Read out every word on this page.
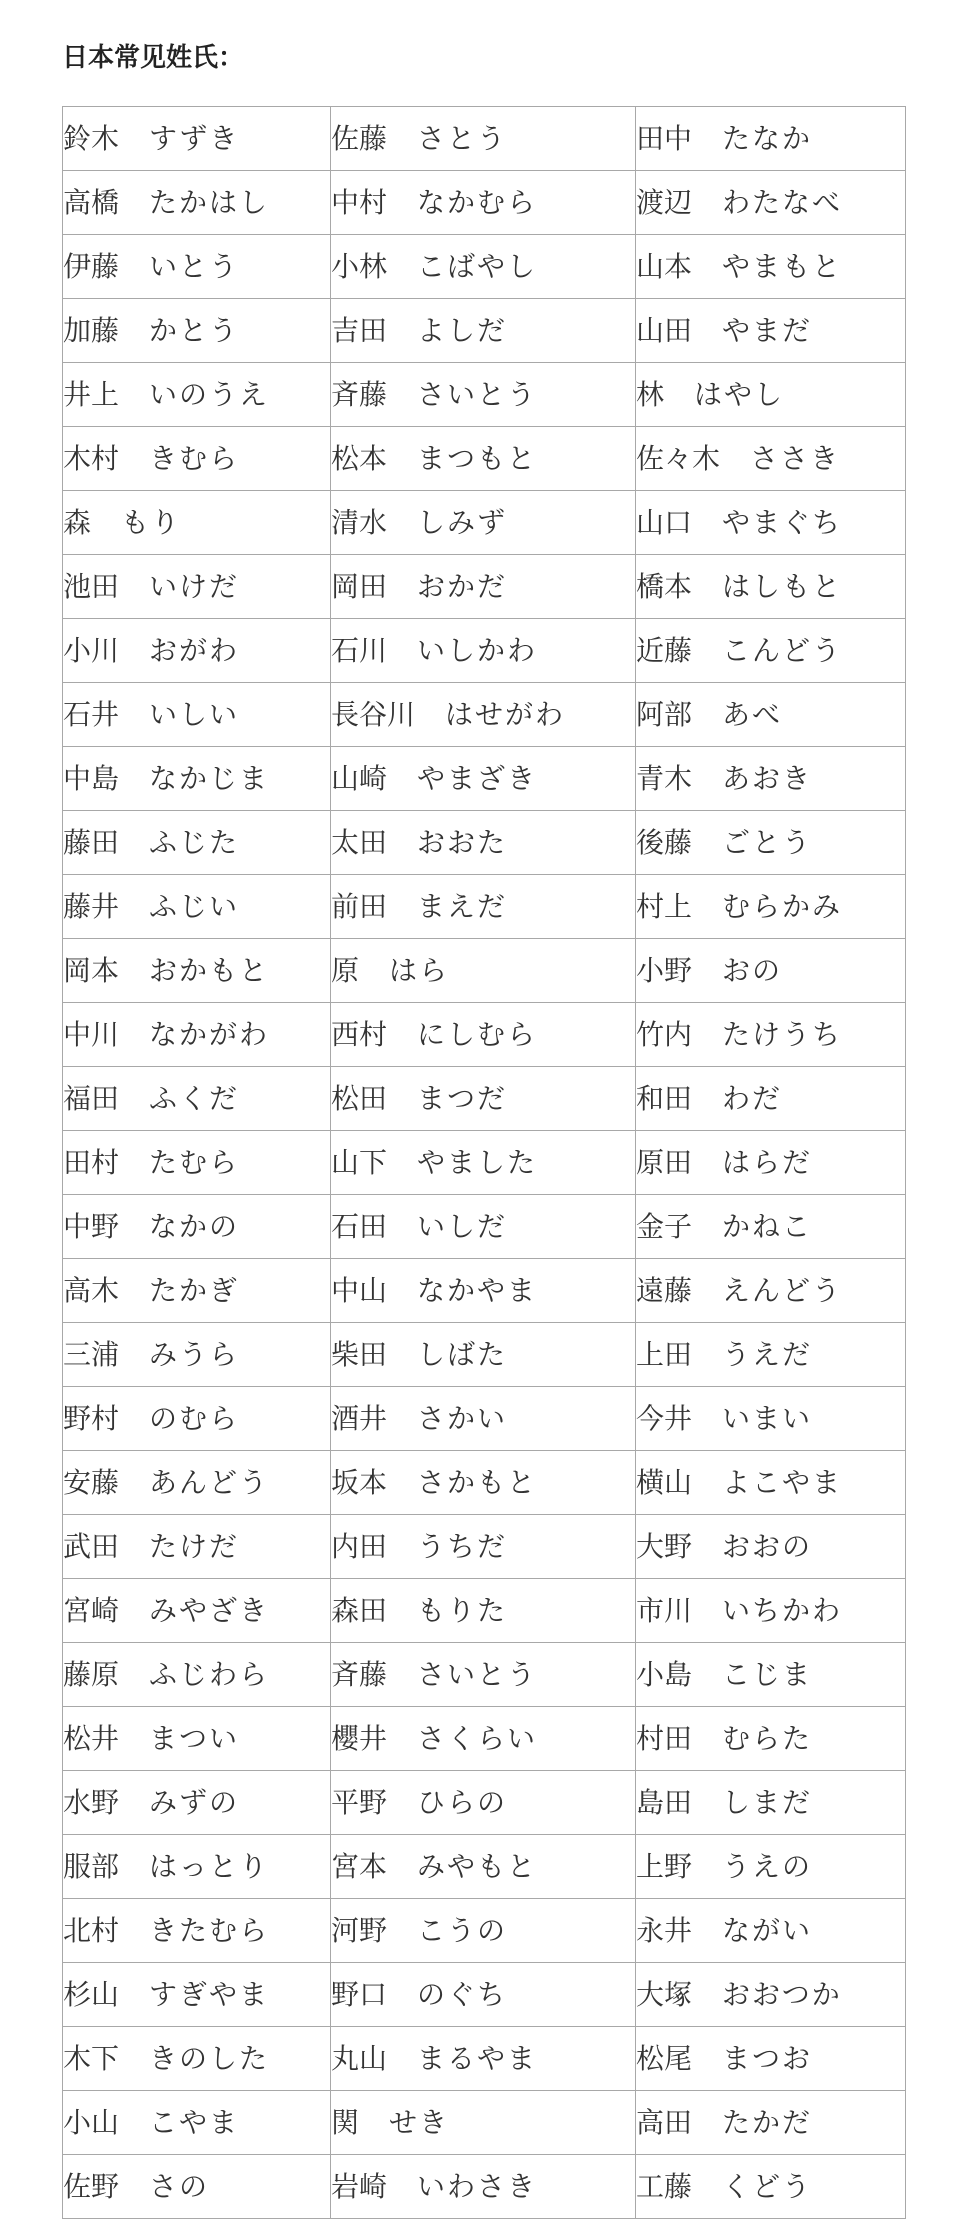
日本常见姓氏：
鈴木 すずき	佐藤 さとう	田中 たなか
高橋 たかはし	中村 なかむら	渡辺 わたなべ
伊藤 いとう	小林 こばやし	山本 やまもと
加藤 かとう	吉田 よしだ	山田 やまだ
井上 いのうえ	斉藤 さいとう	林 はやし
木村 きむら	松本 まつもと	佐々木 ささき
森 もり	清水 しみず	山口 やまぐち
池田 いけだ	岡田 おかだ	橋本 はしもと
小川 おがわ	石川 いしかわ	近藤 こんどう
石井 いしい	長谷川 はせがわ	阿部 あべ
中島 なかじま	山崎 やまざき	青木 あおき
藤田 ふじた	太田 おおた	後藤 ごとう
藤井 ふじい	前田 まえだ	村上 むらかみ
岡本 おかもと	原 はら	小野 おの
中川 なかがわ	西村 にしむら	竹内 たけうち
福田 ふくだ	松田 まつだ	和田 わだ
田村 たむら	山下 やました	原田 はらだ
中野 なかの	石田 いしだ	金子 かねこ
高木 たかぎ	中山 なかやま	遠藤 えんどう
三浦 みうら	柴田 しばた	上田 うえだ
野村 のむら	酒井 さかい	今井 いまい
安藤 あんどう	坂本 さかもと	横山 よこやま
武田 たけだ	内田 うちだ	大野 おおの
宮崎 みやざき	森田 もりた	市川 いちかわ
藤原 ふじわら	斉藤 さいとう	小島 こじま
松井 まつい	櫻井 さくらい	村田 むらた
水野 みずの	平野 ひらの	島田 しまだ
服部 はっとり	宮本 みやもと	上野 うえの
北村 きたむら	河野 こうの	永井 ながい
杉山 すぎやま	野口 のぐち	大塚 おおつか
木下 きのした	丸山 まるやま	松尾 まつお
小山 こやま	関 せき	高田 たかだ
佐野 さの	岩崎 いわさき	工藤 くどう
